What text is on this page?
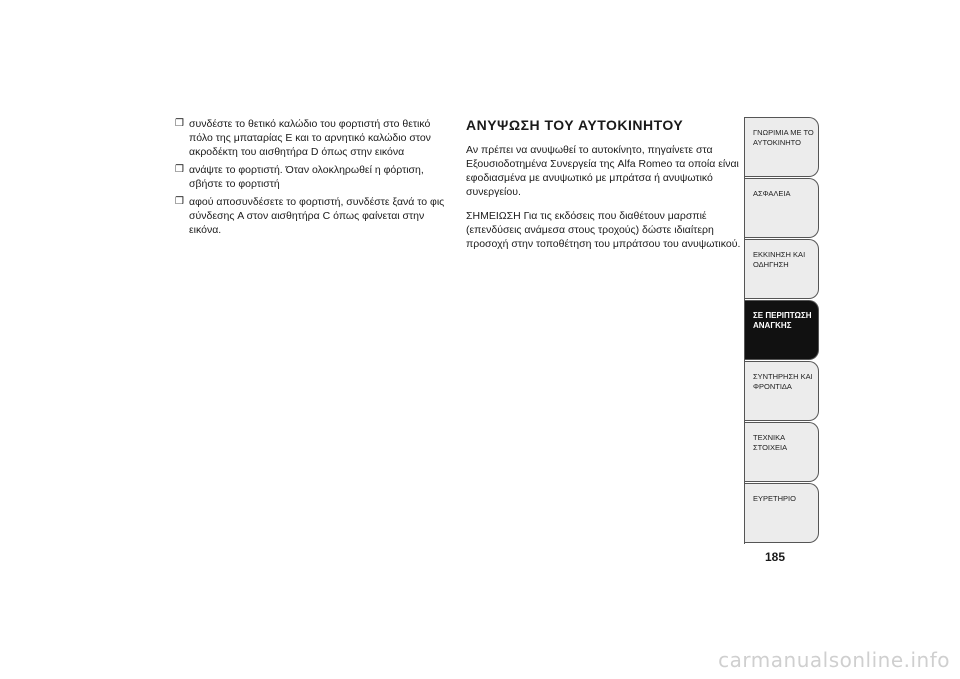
❒ συνδέστε το θετικό καλώδιο του φορτιστή στο θετικό πόλο της μπαταρίας E και το αρνητικό καλώδιο στον ακροδέκτη του αισθητήρα D όπως στην εικόνα
❒ ανάψτε το φορτιστή. Όταν ολοκληρωθεί η φόρτιση, σβήστε το φορτιστή
❒ αφού αποσυνδέσετε το φορτιστή, συνδέστε ξανά το φις σύνδεσης A στον αισθητήρα C όπως φαίνεται στην εικόνα.
ΑΝΥΨΩΣΗ ΤΟΥ ΑΥΤΟΚΙΝΗΤΟΥ

Αν πρέπει να ανυψωθεί το αυτοκίνητο, πηγαίνετε στα Εξουσιοδοτημένα Συνεργεία της Alfa Romeo τα οποία είναι εφοδιασμένα με ανυψωτικό με μπράτσα ή ανυψωτικό συνεργείου.

ΣΗΜΕΙΩΣΗ Για τις εκδόσεις που διαθέτουν μαρσπιέ (επενδύσεις ανάμεσα στους τροχούς) δώστε ιδιαίτερη προσοχή στην τοποθέτηση του μπράτσου του ανυψωτικού.

ΓΝΩΡΙΜΙΑ ΜΕ ΤΟ
ΑΥΤΟΚΙΝΗΤΟ
ΑΣΦΑΛΕΙΑ
ΕΚΚΙΝΗΣΗ ΚΑΙ
ΟΔΗΓΗΣΗ
ΣΕ ΠΕΡΙΠΤΩΣΗ
ΑΝΑΓΚΗΣ
ΣΥΝΤΗΡΗΣΗ ΚΑΙ
ΦΡΟΝΤΙΔΑ
ΤΕΧΝΙΚΑ ΣΤΟΙΧΕΙΑ
ΕΥΡΕΤΗΡΙΟ
185
carmanualsonline.info
